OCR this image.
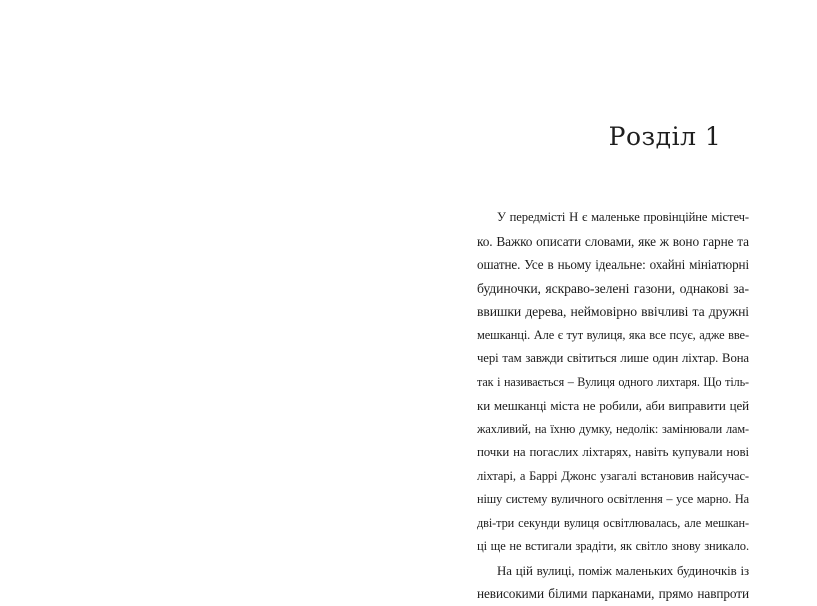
Розділ 1
У передмісті Н є маленьке провінційне містеч-
ко. Важко описати словами, яке ж воно гарне та
ошатне. Усе в ньому ідеальне: охайні мініатюрні
будиночки, яскраво-зелені газони, однакові за-
ввишки дерева, неймовірно ввічливі та дружні
мешканці. Але є тут вулиця, яка все псує, адже вве-
чері там завжди світиться лише один ліхтар. Вона
так і називається – Вулиця одного лихтаря. Що тіль-
ки мешканці міста не робили, аби виправити цей
жахливий, на їхню думку, недолік: замінювали лам-
почки на погаслих ліхтарях, навіть купували нові
ліхтарі, а Баррі Джонс узагалі встановив найсучас-
нішу систему вуличного освітлення – усе марно. На
дві-три секунди вулиця освітлювалась, але мешкан-
ці ще не встигали зрадіти, як світло знову зникало.
На цій вулиці, поміж маленьких будиночків із
невисокими білими парканами, прямо навпроти
